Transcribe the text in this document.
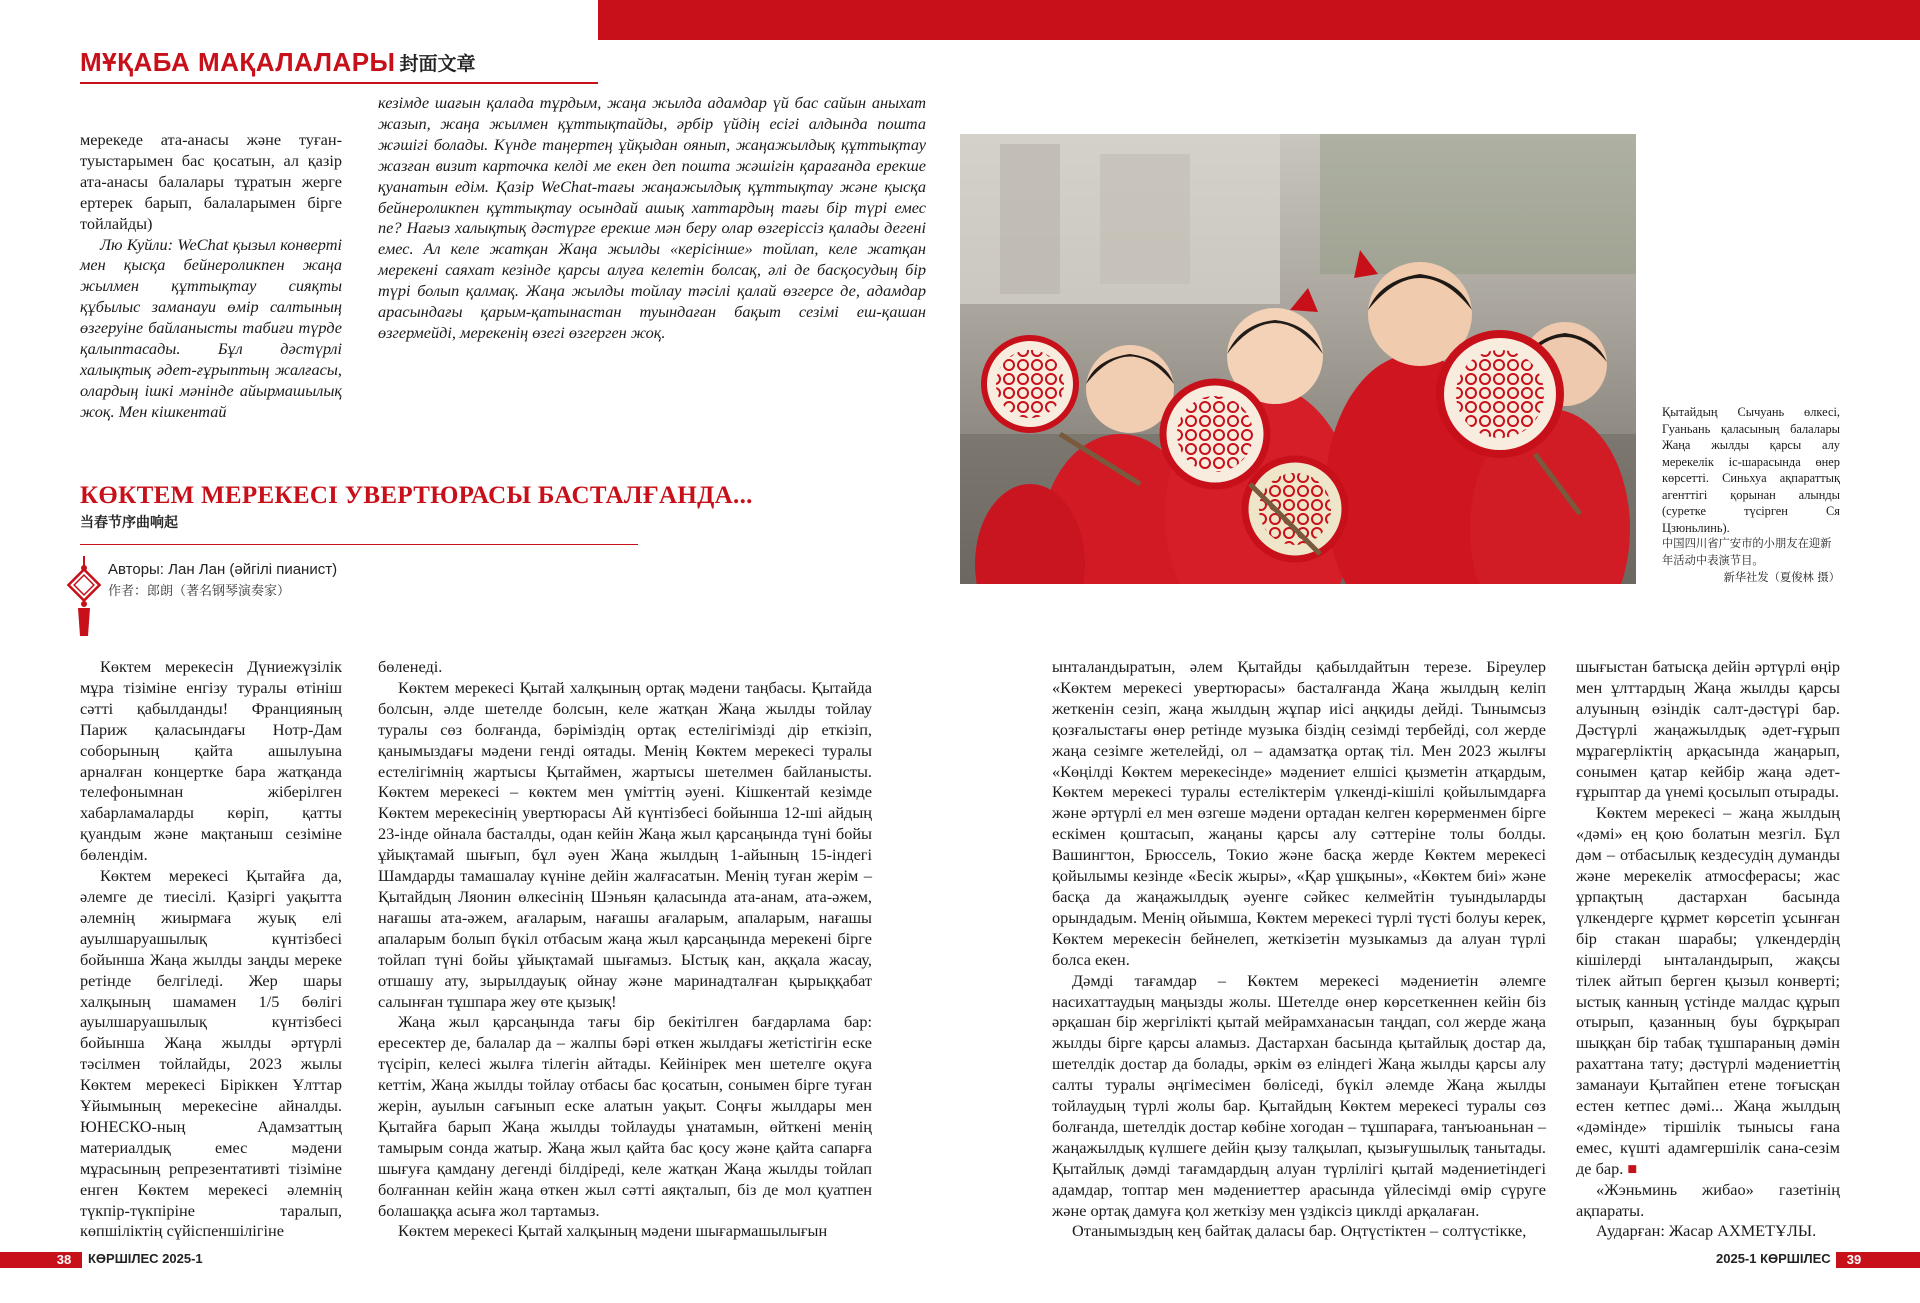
МҰҚАБА МАҚАЛАЛАРЫ 封面文章

мерекеде ата-анасы және туған-туыстарымен бас қосатын, ал қазір ата-анасы балалары тұратын жерге ертерек барып, балаларымен бірге тойлайды)

Лю Куйли: WeChat қызыл конверті мен қысқа бейнероликпен жаңа жылмен құттықтау сияқты құбылыс заманауи өмір салтының өзгеруіне байланысты табиғи түрде қалыптасады. Бұл дәстүрлі халықтық әдет-ғұрыптың жалғасы, олардың ішкі мәнінде айырмашылық жоқ. Мен кішкентай

кезімде шағын қалада тұрдым, жаңа жылда адамдар үй бас сайын аныхат жазып, жаңа жылмен құттықтайды, әрбір үйдің есігі алдында пошта жәшігі болады. Күнде таңертең ұйқыдан оянып, жаңажылдық құттықтау жазған визит карточка келді ме екен деп пошта жәшігін қарағанда ерекше қуанатын едім. Қазір WeChat-тағы жаңажылдық құттықтау және қысқа бейнероликпен құттықтау осындай ашық хаттардың тағы бір түрі емес пе? Нағыз халықтық дәстүрге ерекше мән беру олар өзгеріссіз қалады дегені емес. Ал келе жатқан Жаңа жылды «керісінше» тойлап, келе жатқан мерекені саяхат кезінде қарсы алуға келетін болсақ, әлі де басқосудың бір түрі болып қалмақ. Жаңа жылды тойлау тәсілі қалай өзгерсе де, адамдар арасындағы қарым-қатынастан туындаған бақыт сезімі еш-қашан өзгермейді, мерекенің өзегі өзгерген жоқ.

Қытайдың Сычуань өлкесі, Гуаньань қаласының балалары Жаңа жылды қарсы алу мерекелік іс-шарасында өнер көрсетті. Синьхуа ақпараттық агенттігі қорынан алынды (суретке түсірген Ся Цзюньлинь).
中国四川省广安市的小朋友在迎新年活动中表演节目。
新华社发（夏俊林 摄）
КӨКТЕМ МЕРЕКЕСІ УВЕРТЮРАСЫ БАСТАЛҒАНДА...
当春节序曲响起
Авторы: Лан Лан (әйгілі пианист)
作者：郎朗（著名钢琴演奏家）

Көктем мерекесін Дүниежүзілік мұра тізіміне енгізу туралы өтініш сәтті қабылданды! Францияның Париж қаласындағы Нотр-Дам соборының қайта ашылуына арналған концертке бара жатқанда телефонымнан жіберілген хабарламаларды көріп, қатты қуандым және мақтаныш сезіміне бөлендім.

Көктем мерекесі Қытайға да, әлемге де тиесілі. Қазіргі уақытта әлемнің жиырмаға жуық елі ауылшаруашылық күнтізбесі бойынша Жаңа жылды заңды мереке ретінде белгіледі. Жер шары халқының шамамен 1/5 бөлігі ауылшаруашылық күнтізбесі бойынша Жаңа жылды әртүрлі тәсілмен тойлайды, 2023 жылы Көктем мерекесі Біріккен Ұлттар Ұйымының мерекесіне айналды. ЮНЕСКО-ның Адамзаттың материалдық емес мәдени мұрасының репрезентативті тізіміне енген Көктем мерекесі әлемнің түкпір-түкпіріне таралып, көпшіліктің сүйіспеншілігіне

бөленеді.

Көктем мерекесі Қытай халқының ортақ мәдени таңбасы. Қытайда болсын, әлде шетелде болсын, келе жатқан Жаңа жылды тойлау туралы сөз болғанда, бәріміздің ортақ естелігімізді дір еткізіп, қанымыздағы мәдени генді оятады. Менің Көктем мерекесі туралы естелігімнің жартысы Қытаймен, жартысы шетелмен байланысты. Көктем мерекесі – көктем мен үміттің әуені. Кішкентай кезімде Көктем мерекесінің увертюрасы Ай күнтізбесі бойынша 12-ші айдың 23-інде ойнала басталды, одан кейін Жаңа жыл қарсаңында түні бойы ұйықтамай шығып, бұл әуен Жаңа жылдың 1-айының 15-індегі Шамдарды тамашалау күніне дейін жалғасатын. Менің туған жерім – Қытайдың Ляонин өлкесінің Шэньян қаласында ата-анам, ата-әжем, нағашы ата-әжем, ағаларым, нағашы ағаларым, апаларым, нағашы апаларым болып бүкіл отбасым жаңа жыл қарсаңында мерекені бірге тойлап түні бойы ұйықтамай шығамыз. Ыстық кан, аққала жасау, отшашу ату, зырылдауық ойнау және маринадталған қырыққабат салынған тұшпара жеу өте қызық!

Жаңа жыл қарсаңында тағы бір бекітілген бағдарлама бар: ересектер де, балалар да – жалпы бәрі өткен жылдағы жетістігін еске түсіріп, келесі жылға тілегін айтады. Кейінірек мен шетелге оқуға кеттім, Жаңа жылды тойлау отбасы бас қосатын, сонымен бірге туған жерін, ауылын сағынып еске алатын уақыт. Соңғы жылдары мен Қытайға барып Жаңа жылды тойлауды ұнатамын, өйткені менің тамырым сонда жатыр. Жаңа жыл қайта бас қосу және қайта сапарға шығуға қамдану дегенді білдіреді, келе жатқан Жаңа жылды тойлап болғаннан кейін жаңа өткен жыл сәтті аяқталып, біз де мол қуатпен болашаққа асыға жол тартамыз.

Көктем мерекесі Қытай халқының мәдени шығармашылығын

ынталандыратын, әлем Қытайды қабылдайтын терезе. Біреулер «Көктем мерекесі увертюрасы» басталғанда Жаңа жылдың келіп жеткенін сезіп, жаңа жылдың жұпар иісі аңқиды дейді. Тынымсыз қозғалыстағы өнер ретінде музыка біздің сезімді тербейді, сол жерде жаңа сезімге жетелейді, ол – адамзатқа ортақ тіл. Мен 2023 жылғы «Көңілді Көктем мерекесінде» мәдениет елшісі қызметін атқардым, Көктем мерекесі туралы естеліктерім үлкенді-кішілі қойылымдарға және әртүрлі ел мен өзгеше мәдени ортадан келген көрерменмен бірге ескімен қоштасып, жаңаны қарсы алу сәттеріне толы болды. Вашингтон, Брюссель, Токио және басқа жерде Көктем мерекесі қойылымы кезінде «Бесік жыры», «Қар ұшқыны», «Көктем биі» және басқа да жаңажылдық әуенге сәйкес келмейтін туындыларды орындадым. Менің ойымша, Көктем мерекесі түрлі түсті болуы керек, Көктем мерекесін бейнелеп, жеткізетін музыкамыз да алуан түрлі болса екен.

Дәмді тағамдар – Көктем мерекесі мәдениетін әлемге насихаттаудың маңызды жолы. Шетелде өнер көрсеткеннен кейін біз әрқашан бір жергілікті қытай мейрамханасын таңдап, сол жерде жаңа жылды бірге қарсы аламыз. Дастархан басында қытайлық достар да, шетелдік достар да болады, әркім өз еліндегі Жаңа жылды қарсы алу салты туралы әңгімесімен бөліседі, бүкіл әлемде Жаңа жылды тойлаудың түрлі жолы бар. Қытайдың Көктем мерекесі туралы сөз болғанда, шетелдік достар көбіне хогодан – тұшпараға, танъюаньнан – жаңажылдық күлшеге дейін қызу талқылап, қызығушылық танытады. Қытайлық дәмді тағамдардың алуан түрлілігі қытай мәдениетіндегі адамдар, топтар мен мәдениеттер арасында үйлесімді өмір сүруге және ортақ дамуға қол жеткізу мен үздіксіз циклді арқалаған.

Отанымыздың кең байтақ даласы бар. Оңтүстіктен – солтүстікке,

шығыстан батысқа дейін әртүрлі өңір мен ұлттардың Жаңа жылды қарсы алуының өзіндік салт-дәстүрі бар. Дәстүрлі жаңажылдық әдет-ғұрып мұрагерліктің арқасында жаңарып, сонымен қатар кейбір жаңа әдет-ғұрыптар да үнемі қосылып отырады.

Көктем мерекесі – жаңа жылдың «дәмі» ең қою болатын мезгіл. Бұл дәм – отбасылық кездесудің думанды және мерекелік атмосферасы; жас ұрпақтың дастархан басында үлкендерге құрмет көрсетіп ұсынған бір стакан шарабы; үлкендердің кішілерді ынталандырып, жақсы тілек айтып берген қызыл конверті; ыстық канның үстінде малдас құрып отырып, қазанның буы бұрқырап шыққан бір табақ тұшпараның дәмін рахаттана тату; дәстүрлі мәдениеттің заманауи Қытайпен етене тоғысқан естен кетпес дәмі... Жаңа жылдың «дәмінде» тіршілік тынысы ғана емес, күшті адамгершілік сана-сезім де бар. ■

«Жэньминь жибао» газетінің ақпараты.

Аударған: Жасар АХМЕТҰЛЫ.

38	КӨРШІЛЕС 2025-1	2025-1 КӨРШІЛЕС	39
